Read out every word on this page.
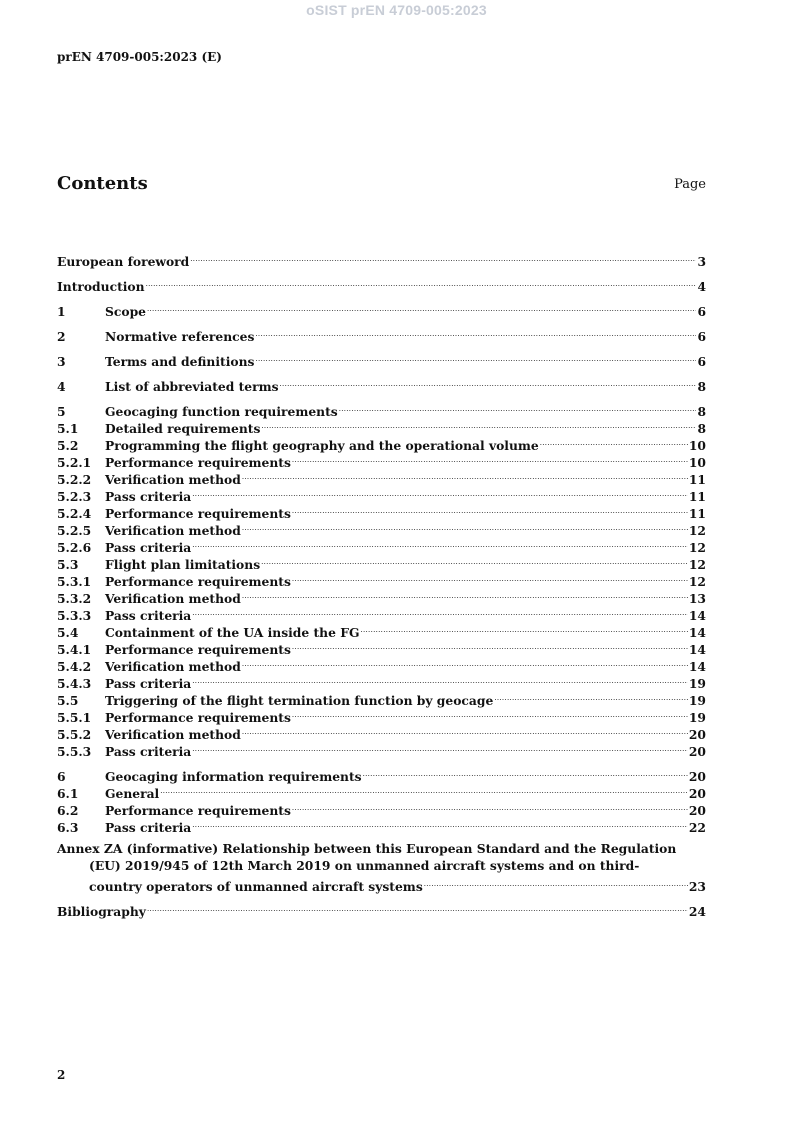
oSIST prEN 4709-005:2023
prEN 4709-005:2023 (E)
Contents	Page
European foreword .....	3
Introduction .....	4
1	Scope .....	6
2	Normative references .....	6
3	Terms and definitions .....	6
4	List of abbreviated terms .....	8
5	Geocaging function requirements .....	8
5.1	Detailed requirements .....	8
5.2	Programming the flight geography and the operational volume .....	10
5.2.1	Performance requirements .....	10
5.2.2	Verification method .....	11
5.2.3	Pass criteria .....	11
5.2.4	Performance requirements .....	11
5.2.5	Verification method .....	12
5.2.6	Pass criteria .....	12
5.3	Flight plan limitations .....	12
5.3.1	Performance requirements .....	12
5.3.2	Verification method .....	13
5.3.3	Pass criteria .....	14
5.4	Containment of the UA inside the FG .....	14
5.4.1	Performance requirements .....	14
5.4.2	Verification method .....	14
5.4.3	Pass criteria .....	19
5.5	Triggering of the flight termination function by geocage .....	19
5.5.1	Performance requirements .....	19
5.5.2	Verification method .....	20
5.5.3	Pass criteria .....	20
6	Geocaging information requirements .....	20
6.1	General .....	20
6.2	Performance requirements .....	20
6.3	Pass criteria .....	22
Annex ZA (informative) Relationship between this European Standard and the Regulation
(EU) 2019/945 of 12th March 2019 on unmanned aircraft systems and on third-
country operators of unmanned aircraft systems .....	23
Bibliography .....	24
2
